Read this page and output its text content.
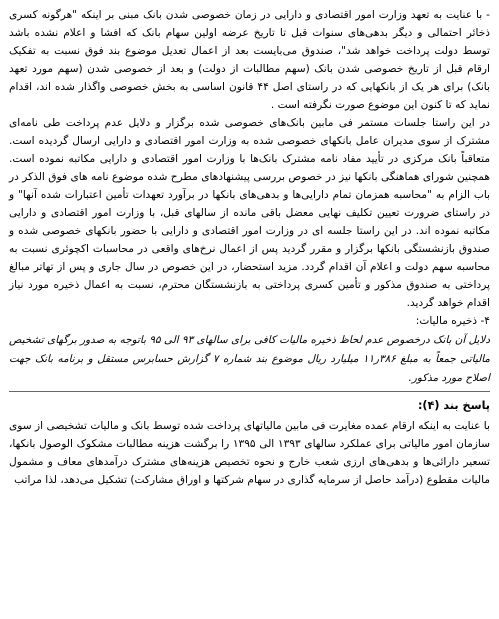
- با عنایت به تعهد وزارت امور اقتصادی و دارایی در زمان خصوصی شدن بانک مبنی بر اینکه "هرگونه کسری ذخائر احتمالی و دیگر بدهی‌های سنوات قبل تا تاریخ عرضه اولین سهام بانک که افشا و اعلام نشده باشد توسط دولت پرداخت خواهد شد"، صندوق می‌بایست بعد از اعمال تعدیل موضوع بند فوق نسبت به تفکیک ارقام قبل از تاریخ خصوصی شدن بانک (سهم مطالبات از دولت) و بعد از خصوصی شدن (سهم مورد تعهد بانک) برای هر یک از بانکهایی که در راستای اصل ۴۴ قانون اساسی به بخش خصوصی واگذار شده اند، اقدام نماید که تا کنون این موضوع صورت نگرفته است .

در این راستا جلسات مستمر فی مابین بانک‌های خصوصی شده برگزار و دلایل عدم پرداخت طی نامه‌ای مشترک از سوی مدیران عامل بانکهای خصوصی شده به وزارت امور اقتصادی و دارایی ارسال گردیده است. متعاقباً بانک مرکزی در تأیید مفاد نامه مشترک بانک‌ها با وزارت امور اقتصادی و دارایی مکاتبه نموده است. همچنین شورای هماهنگی بانکها نیز در خصوص بررسی پیشنهادهای مطرح شده موضوع نامه های فوق الذکر در باب الزام به "محاسبه همزمان تمام دارایی‌ها و بدهی‌های بانکها در برآورد تعهدات تأمین اعتبارات شده آنها" و در راستای ضرورت تعیین تکلیف نهایی معضل باقی مانده از سالهای قبل، با وزارت امور اقتصادی و دارایی مکاتبه نموده اند. در این راستا جلسه ای در وزارت امور اقتصادی و دارایی با حضور بانکهای خصوصی شده و صندوق بازنشستگی بانکها برگزار و مقرر گردید پس از اعمال نرخ‌های واقعی در محاسبات اکچوئری نسبت به محاسبه سهم دولت و اعلام آن اقدام گردد. مزید استحضار، در این خصوص در سال جاری و پس از تهاتر مبالغ پرداختی به صندوق مذکور و تأمین کسری پرداختی به بازنشستگان محترم، نسبت به اعمال ذخیره مورد نیاز اقدام خواهد گردید.

۴- ذخیره مالیات:

دلایل آن بانک درخصوص عدم لحاظ ذخیره مالیات کافی برای سالهای ۹۳ الی ۹۵ باتوجه به صدور برگهای تشخیص مالیاتی جمعاً به مبلغ ۳۸۶ر۱۱ میلیارد ریال موضوع بند شماره ۷ گزارش حسابرس مستقل و برنامه بانک جهت اصلاح مورد مذکور.

پاسخ بند (۴):

با عنایت به اینکه ارقام عمده مغایرت فی مابین مالیاتهای پرداخت شده توسط بانک و مالیات تشخیصی از سوی سازمان امور مالیاتی برای عملکرد سالهای ۱۳۹۳ الی ۱۳۹۵ را برگشت هزینه مطالبات مشکوک الوصول بانکها، تسعیر دارائی‌ها و بدهی‌های ارزی شعب خارج و نحوه تخصیص هزینه‌های مشترک درآمدهای معاف و مشمول مالیات مقطوع (درآمد حاصل از سرمایه گذاری در سهام شرکتها و اوراق مشارکت) تشکیل می‌دهد، لذا مراتب
